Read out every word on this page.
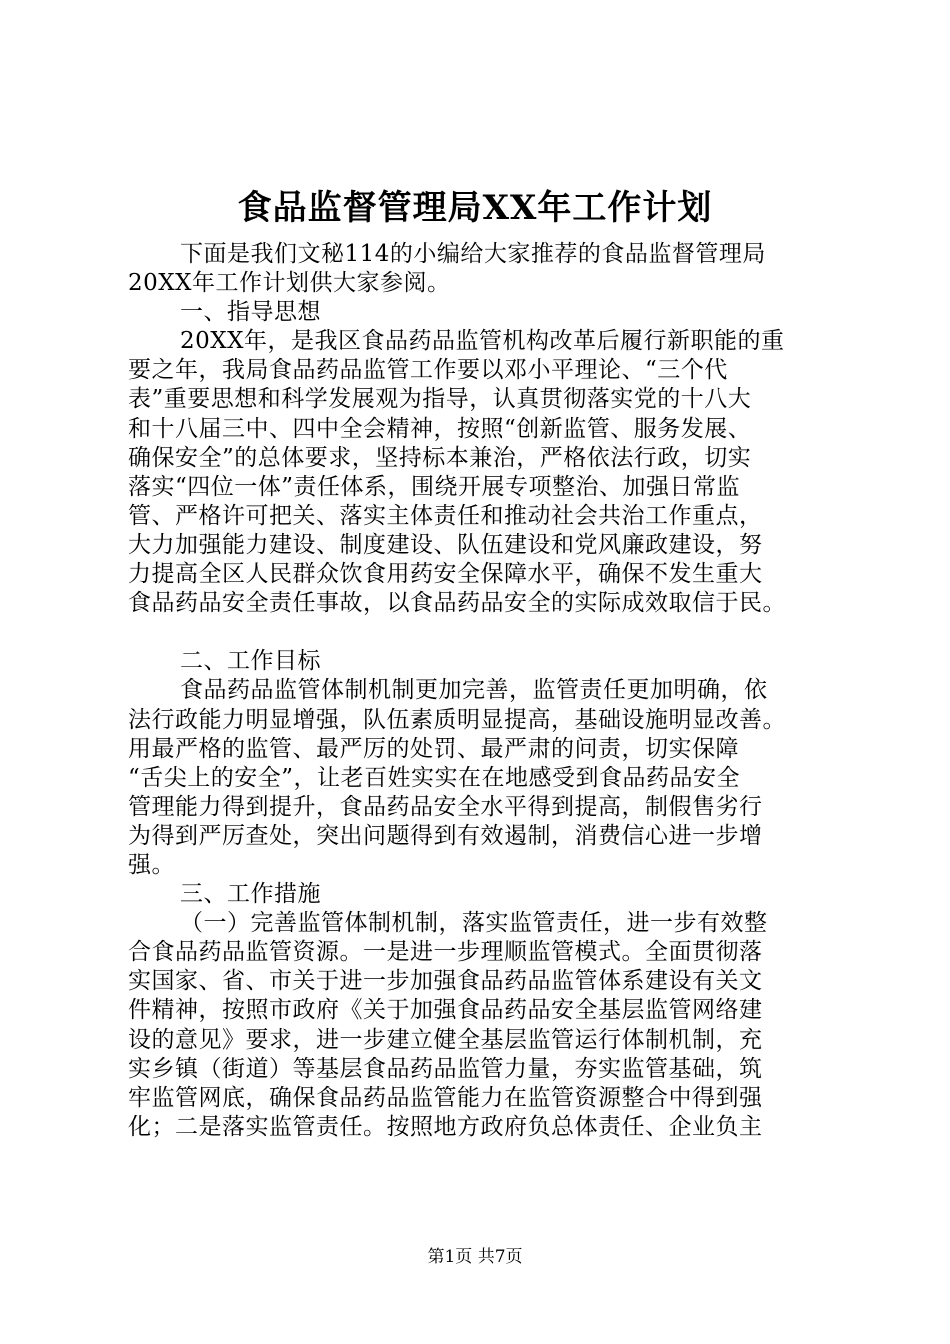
食品监督管理局XX年工作计划
下面是我们文秘114的小编给大家推荐的食品监督管理局
20XX年工作计划供大家参阅。
一、指导思想
20XX年，是我区食品药品监管机构改革后履行新职能的重
要之年，我局食品药品监管工作要以邓小平理论、“三个代
表”重要思想和科学发展观为指导，认真贯彻落实党的十八大
和十八届三中、四中全会精神，按照“创新监管、服务发展、
确保安全”的总体要求，坚持标本兼治，严格依法行政，切实
落实“四位一体”责任体系，围绕开展专项整治、加强日常监
管、严格许可把关、落实主体责任和推动社会共治工作重点，
大力加强能力建设、制度建设、队伍建设和党风廉政建设，努
力提高全区人民群众饮食用药安全保障水平，确保不发生重大
食品药品安全责任事故，以食品药品安全的实际成效取信于民。
二、工作目标
食品药品监管体制机制更加完善，监管责任更加明确，依
法行政能力明显增强，队伍素质明显提高，基础设施明显改善。
用最严格的监管、最严厉的处罚、最严肃的问责，切实保障
“舌尖上的安全”，让老百姓实实在在地感受到食品药品安全
管理能力得到提升，食品药品安全水平得到提高，制假售劣行
为得到严厉查处，突出问题得到有效遏制，消费信心进一步增
强。
三、工作措施
（一）完善监管体制机制，落实监管责任，进一步有效整
合食品药品监管资源。一是进一步理顺监管模式。全面贯彻落
实国家、省、市关于进一步加强食品药品监管体系建设有关文
件精神，按照市政府《关于加强食品药品安全基层监管网络建
设的意见》要求，进一步建立健全基层监管运行体制机制，充
实乡镇（街道）等基层食品药品监管力量，夯实监管基础，筑
牢监管网底，确保食品药品监管能力在监管资源整合中得到强
化；二是落实监管责任。按照地方政府负总体责任、企业负主
第1页 共7页
